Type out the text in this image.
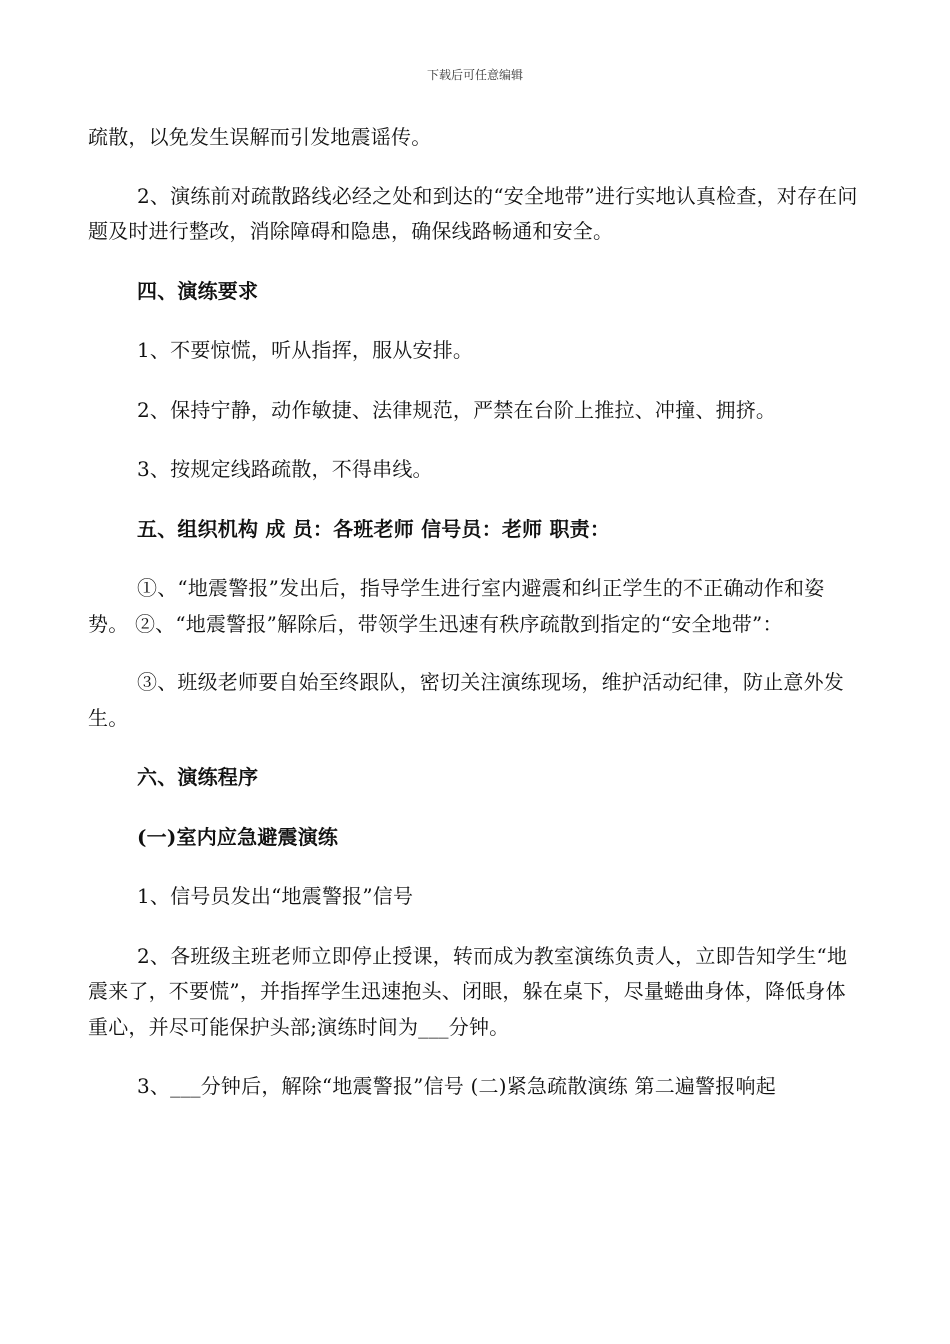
下载后可任意编辑

疏散，以免发生误解而引发地震谣传。

2、演练前对疏散路线必经之处和到达的“安全地带”进行实地认真检查，对存在问题及时进行整改，消除障碍和隐患，确保线路畅通和安全。

四、演练要求

1、不要惊慌，听从指挥，服从安排。

2、保持宁静，动作敏捷、法律规范，严禁在台阶上推拉、冲撞、拥挤。

3、按规定线路疏散，不得串线。

五、组织机构 成 员：各班老师 信号员：老师 职责：

①、“地震警报”发出后，指导学生进行室内避震和纠正学生的不正确动作和姿势。 ②、“地震警报”解除后，带领学生迅速有秩序疏散到指定的“安全地带”：

③、班级老师要自始至终跟队，密切关注演练现场，维护活动纪律，防止意外发生。

六、演练程序

(一)室内应急避震演练

1、信号员发出“地震警报”信号

2、各班级主班老师立即停止授课，转而成为教室演练负责人，立即告知学生“地震来了，不要慌”，并指挥学生迅速抱头、闭眼，躲在桌下，尽量蜷曲身体，降低身体重心，并尽可能保护头部;演练时间为___分钟。

3、___分钟后，解除“地震警报”信号 (二)紧急疏散演练 第二遍警报响起
